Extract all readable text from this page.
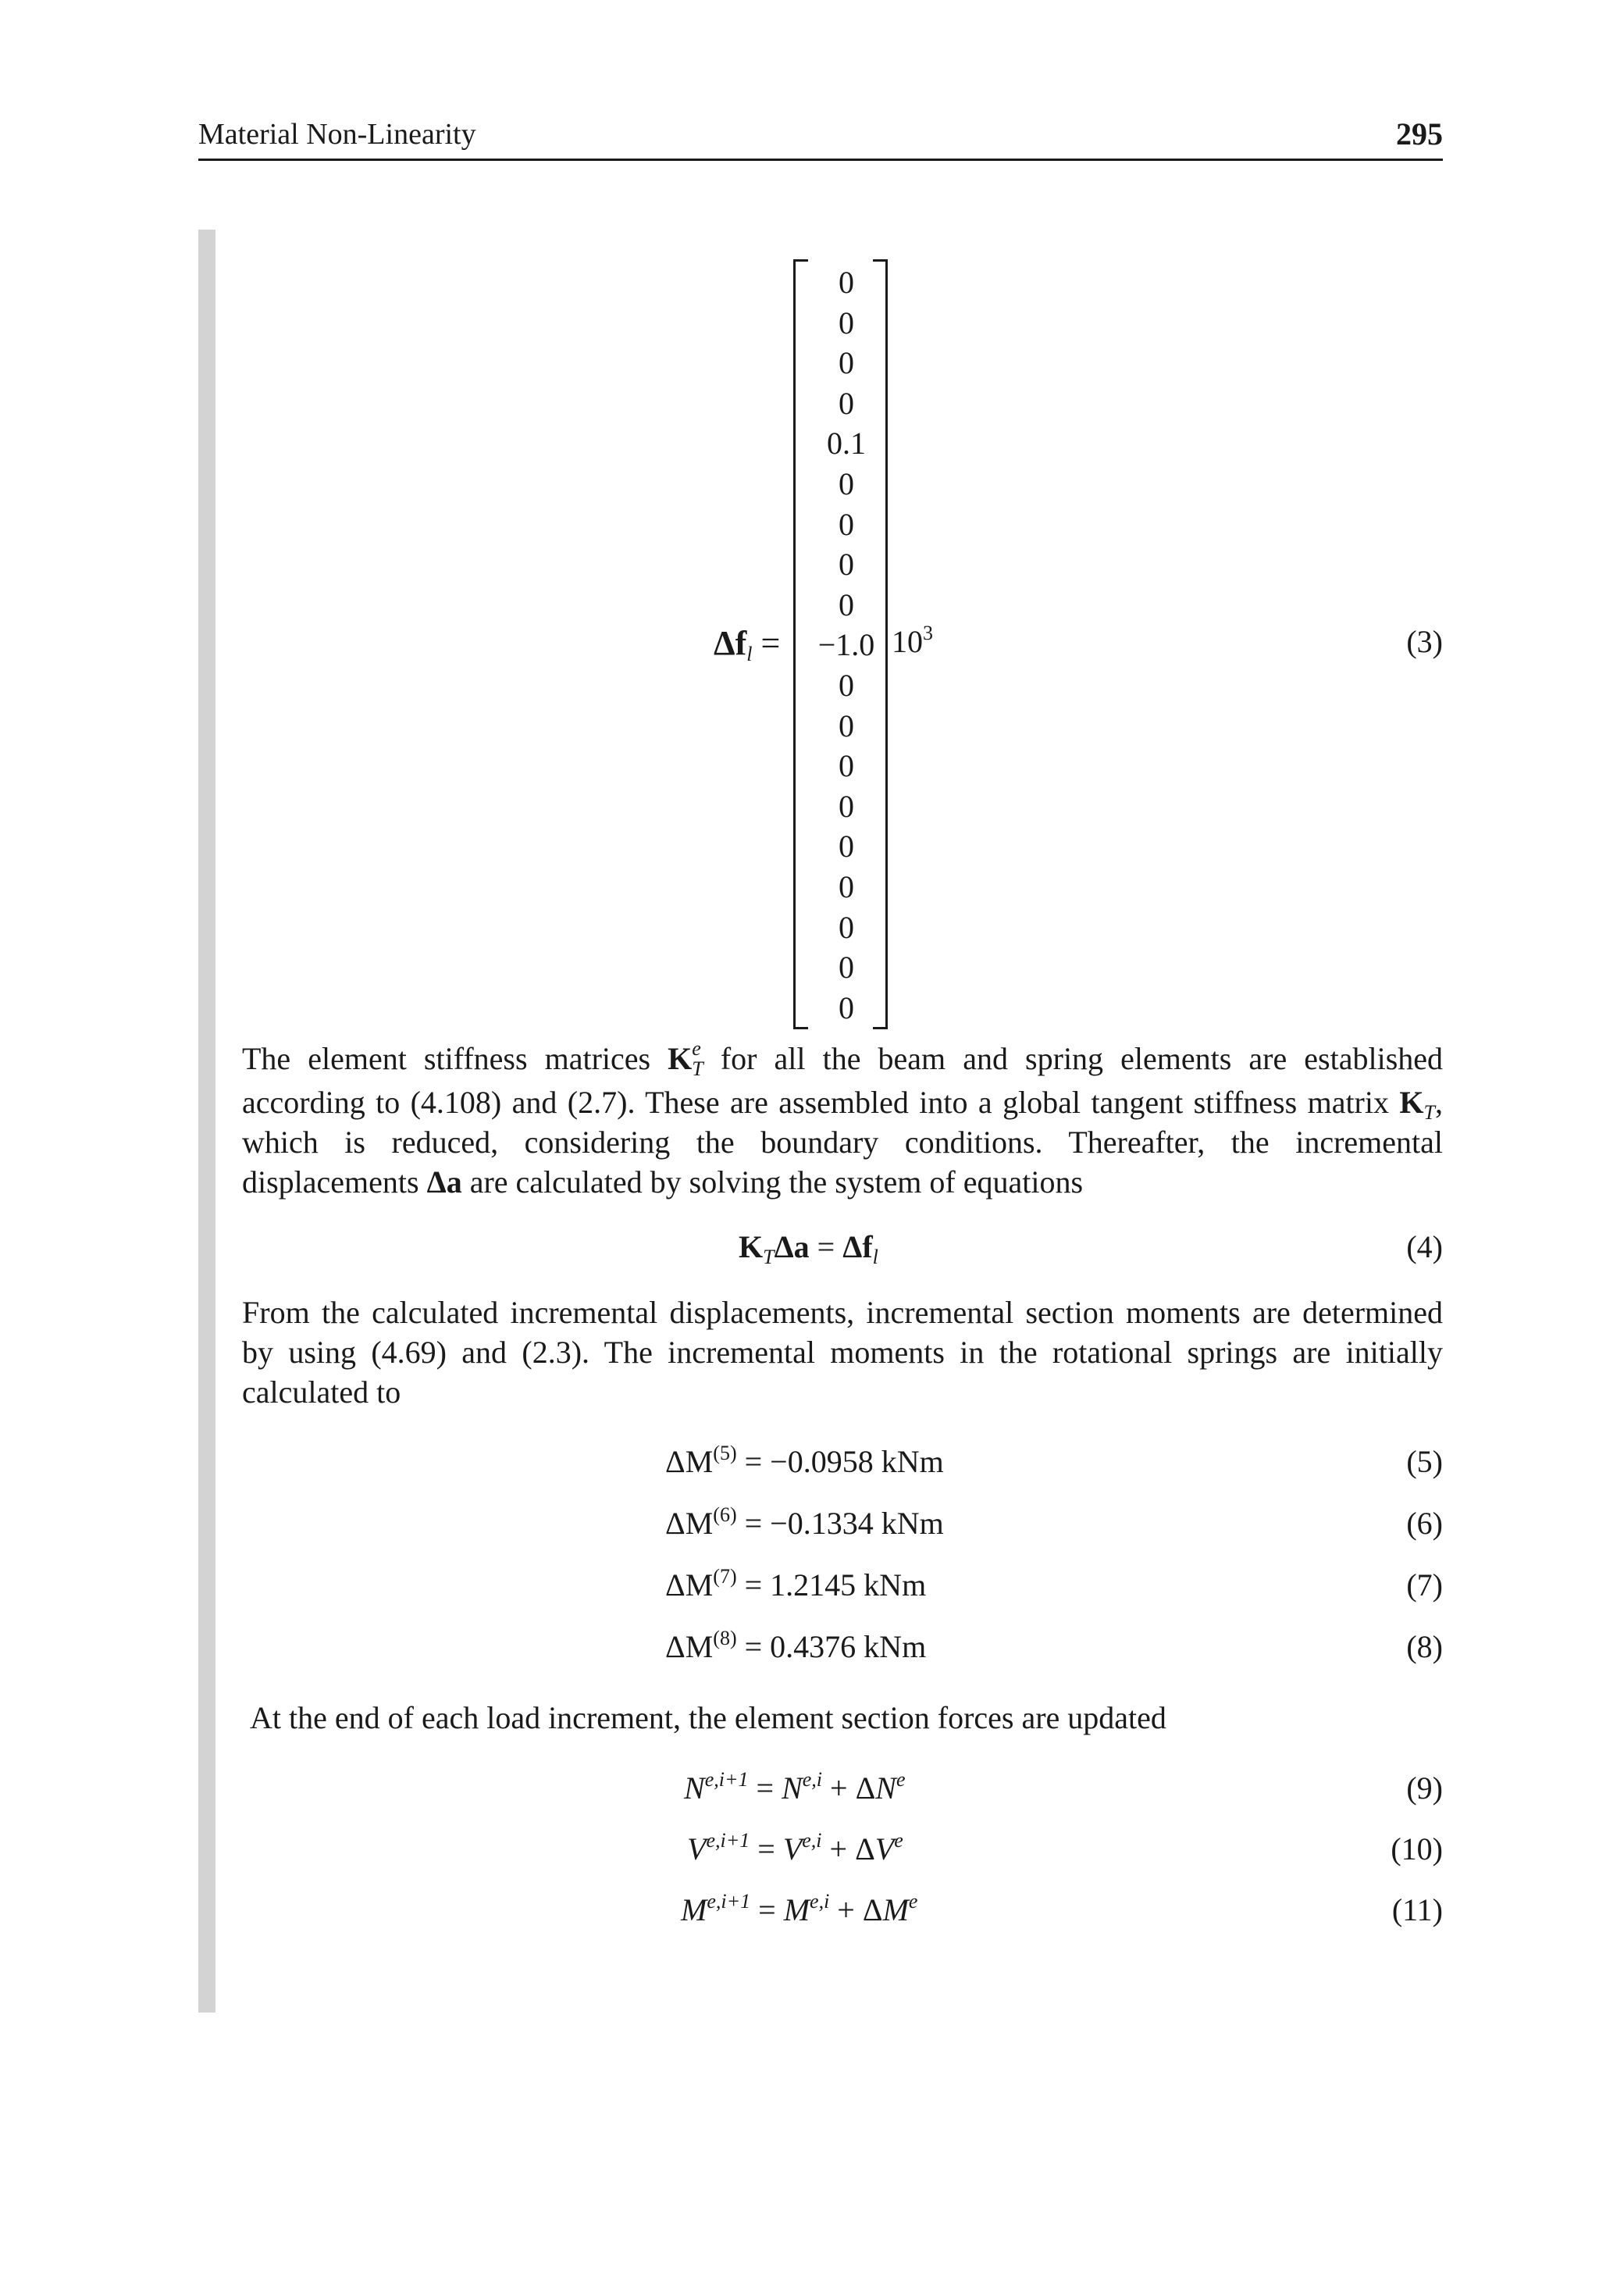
Material Non-Linearity	295
$\Delta f_l$ =
0
0
0
0
0.1
0
0
0
0
−1.0
0
0
0
0
0
0
0
0
0
$10^3$	(3)
The element stiffness matrices K e
T for all the beam and spring elements are established according to (4.108) and (2.7). These are assembled into a global tangent stiffness matrix $K_T$, which is reduced, considering the boundary conditions. Thereafter, the incremental displacements Δa are calculated by solving the system of equations
$K_T\Delta a = \Delta f_l$	(4)
From the calculated incremental displacements, incremental section moments are determined by using (4.69) and (2.3). The incremental moments in the rotational springs are initially calculated to
$\Delta M^{(5)} = -0.0958$ kNm	(5)
$\Delta M^{(6)} = -0.1334$ kNm	(6)
$\Delta M^{(7)} = 1.2145$ kNm	(7)
$\Delta M^{(8)} = 0.4376$ kNm	(8)
At the end of each load increment, the element section forces are updated
$N^{e,i+1} = N^{e,i} + \Delta N^e$	(9)
$V^{e,i+1} = V^{e,i} + \Delta V^e$	(10)
$M^{e,i+1} = M^{e,i} + \Delta M^e$	(11)
